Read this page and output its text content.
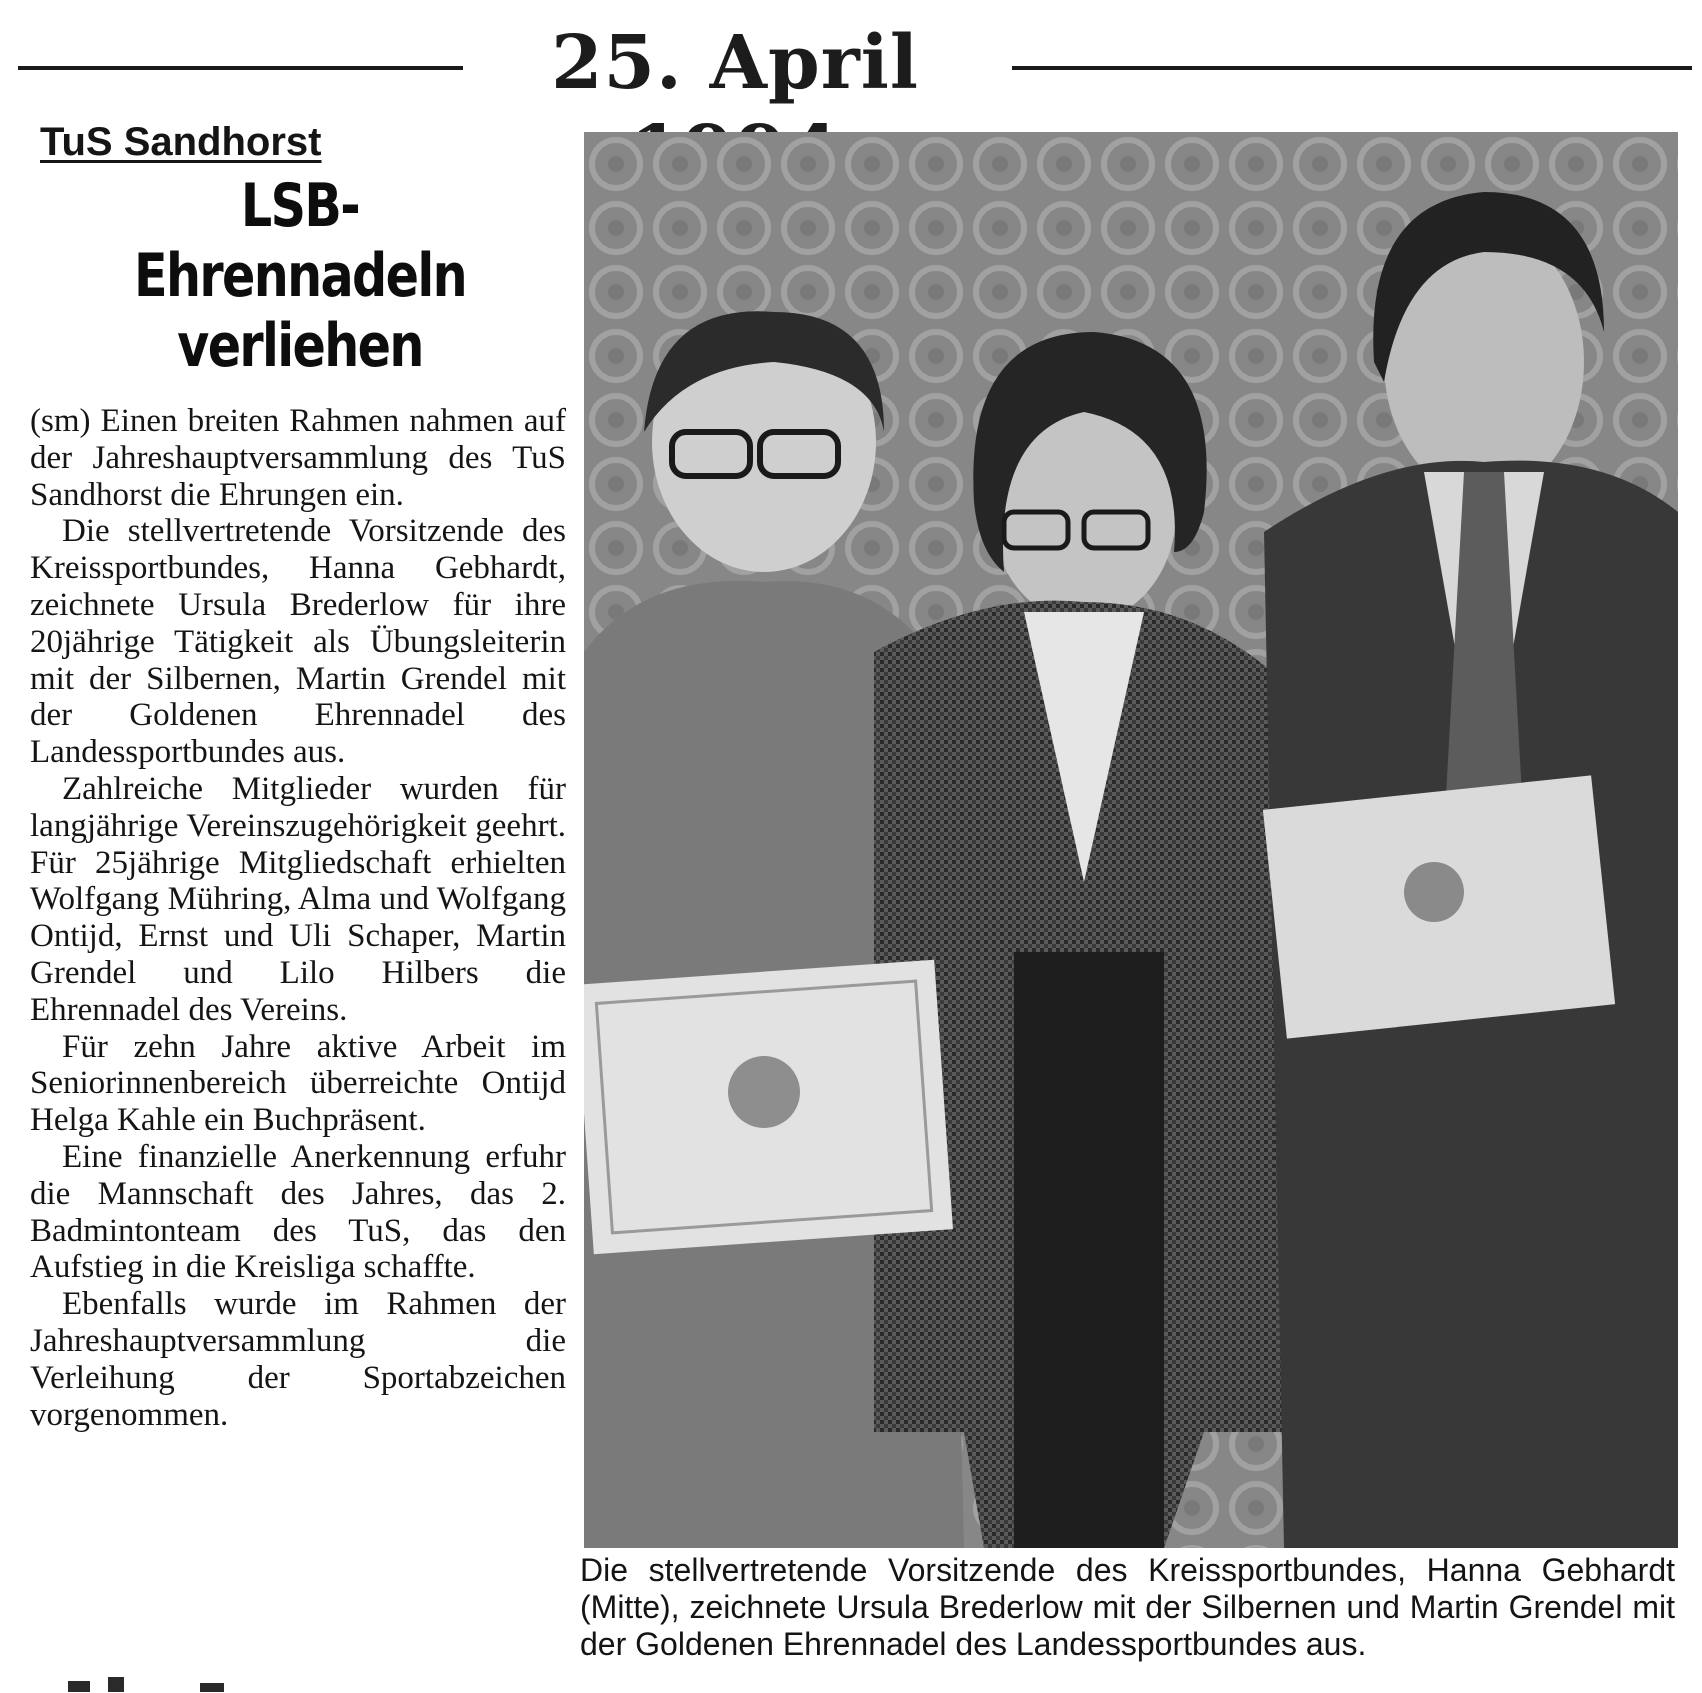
25. April
TuS Sandhorst
LSB-Ehrennadeln
verliehen

(sm) Einen breiten Rahmen nahmen auf der Jahreshauptversammlung des TuS Sandhorst die Ehrungen ein.

Die stellvertretende Vorsitzende des Kreissportbundes, Hanna Gebhardt, zeichnete Ursula Brederlow für ihre 20jährige Tätigkeit als Übungsleiterin mit der Silbernen, Martin Grendel mit der Goldenen Ehrennadel des Landessportbundes aus.

Zahlreiche Mitglieder wurden für langjährige Vereinszugehörigkeit geehrt. Für 25jährige Mitgliedschaft erhielten Wolfgang Mühring, Alma und Wolfgang Ontijd, Ernst und Uli Schaper, Martin Grendel und Lilo Hilbers die Ehrennadel des Vereins.

Für zehn Jahre aktive Arbeit im Seniorinnenbereich überreichte Ontijd Helga Kahle ein Buchpräsent.

Eine finanzielle Anerkennung erfuhr die Mannschaft des Jahres, das 2. Badmintonteam des TuS, das den Aufstieg in die Kreisliga schaffte.

Ebenfalls wurde im Rahmen der Jahreshauptversammlung die Verleihung der Sportabzeichen vorgenommen.

Die stellvertretende Vorsitzende des Kreissportbundes, Hanna Gebhardt (Mitte), zeichnete Ursula Brederlow mit der Silbernen und Martin Grendel mit der Goldenen Ehrennadel des Landessportbundes aus.
